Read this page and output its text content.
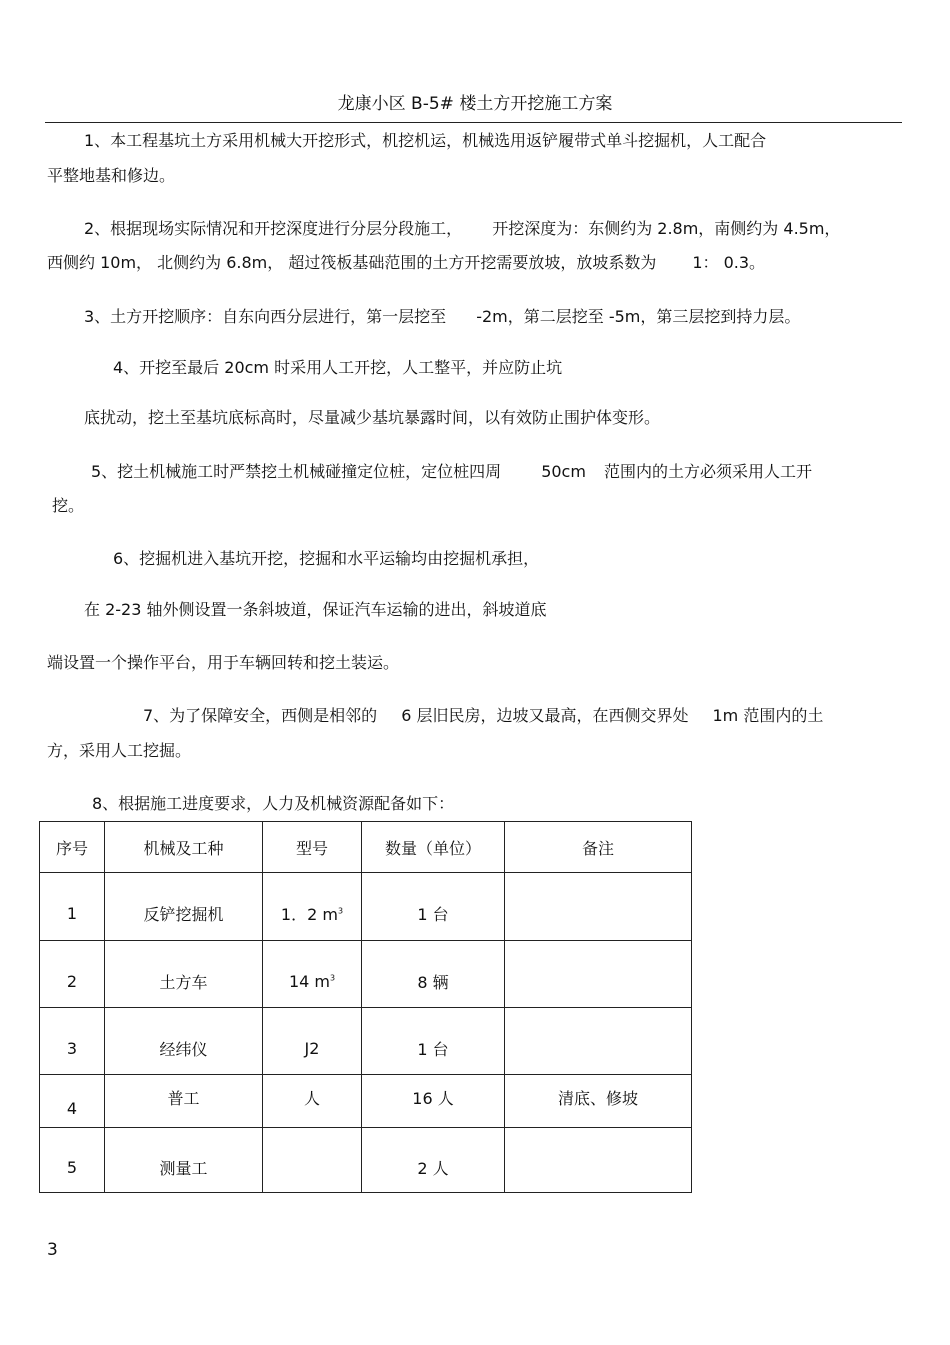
龙康小区 B-5# 楼土方开挖施工方案
1、本工程基坑土方采用机械大开挖形式，机挖机运，机械选用返铲履带式单斗挖掘机，人工配合
平整地基和修边。
2、根据现场实际情况和开挖深度进行分层分段施工， 开挖深度为：东侧约为 2.8m，南侧约为 4.5m，
西侧约 10m， 北侧约为 6.8m， 超过筏板基础范围的土方开挖需要放坡，放坡系数为 1： 0.3。
3、土方开挖顺序：自东向西分层进行，第一层挖至 -2m，第二层挖至 -5m，第三层挖到持力层。
4、开挖至最后 20cm 时采用人工开挖，人工整平，并应防止坑
底扰动，挖土至基坑底标高时，尽量减少基坑暴露时间，以有效防止围护体变形。
5、挖土机械施工时严禁挖土机械碰撞定位桩，定位桩四周	50cm 范围内的土方必须采用人工开
挖。
6、挖掘机进入基坑开挖，挖掘和水平运输均由挖掘机承担，
在 2-23 轴外侧设置一条斜坡道，保证汽车运输的进出，斜坡道底
端设置一个操作平台，用于车辆回转和挖土装运。
7、为了保障安全，西侧是相邻的 6 层旧民房，边坡又最高，在西侧交界处 1m 范围内的土
方，采用人工挖掘。
8、根据施工进度要求，人力及机械资源配备如下：
序号	机械及工种	型号	数量（单位）	备注

1	反铲挖掘机	1．2 $m^3$	1 台	

2	土方车	14 $m^3$	8 辆	

3	经纬仪	J2	1 台	

4	普工	人	16 人	清底、修坡

5	测量工		2 人	

3
